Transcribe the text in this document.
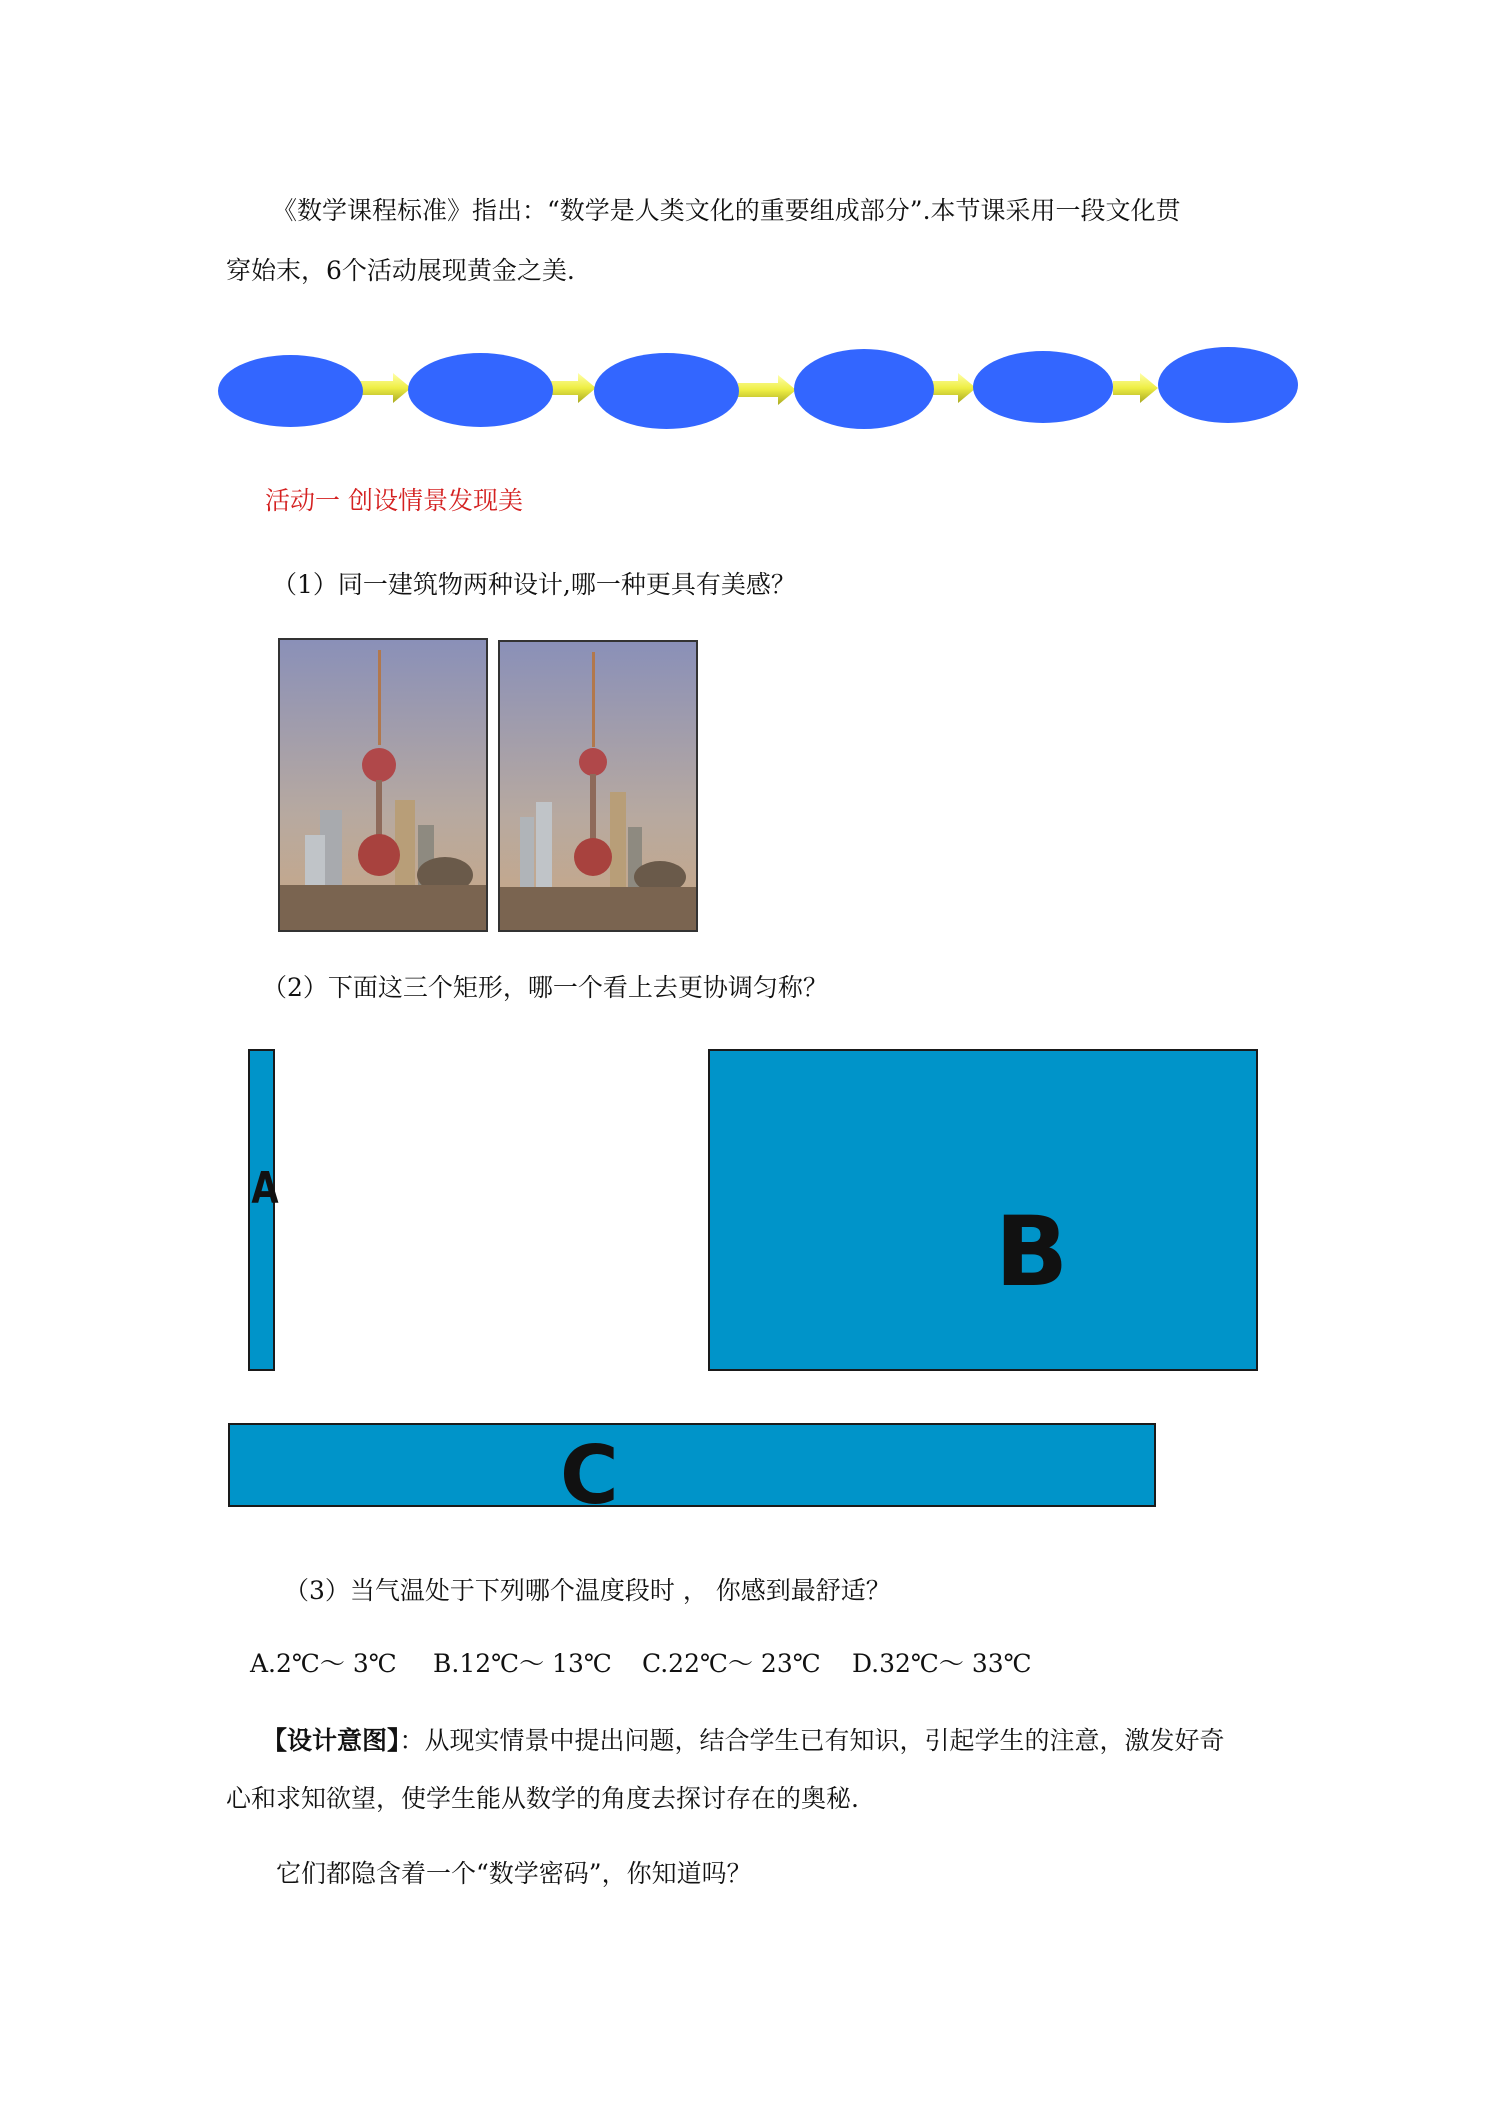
《数学课程标准》指出：“数学是人类文化的重要组成部分”.本节课采用一段文化贯

穿始末，6个活动展现黄金之美.

活动一 创设情景发现美

（1）同一建筑物两种设计,哪一种更具有美感？

（2）下面这三个矩形，哪一个看上去更协调匀称？

A
B
C

（3）当气温处于下列哪个温度段时 ， 你感到最舒适？

A.2℃～ 3℃ B.12℃～ 13℃ C.22℃～ 23℃ D.32℃～ 33℃

【设计意图】：从现实情景中提出问题，结合学生已有知识，引起学生的注意，激发好奇

心和求知欲望，使学生能从数学的角度去探讨存在的奥秘.

它们都隐含着一个“数学密码”，你知道吗？
